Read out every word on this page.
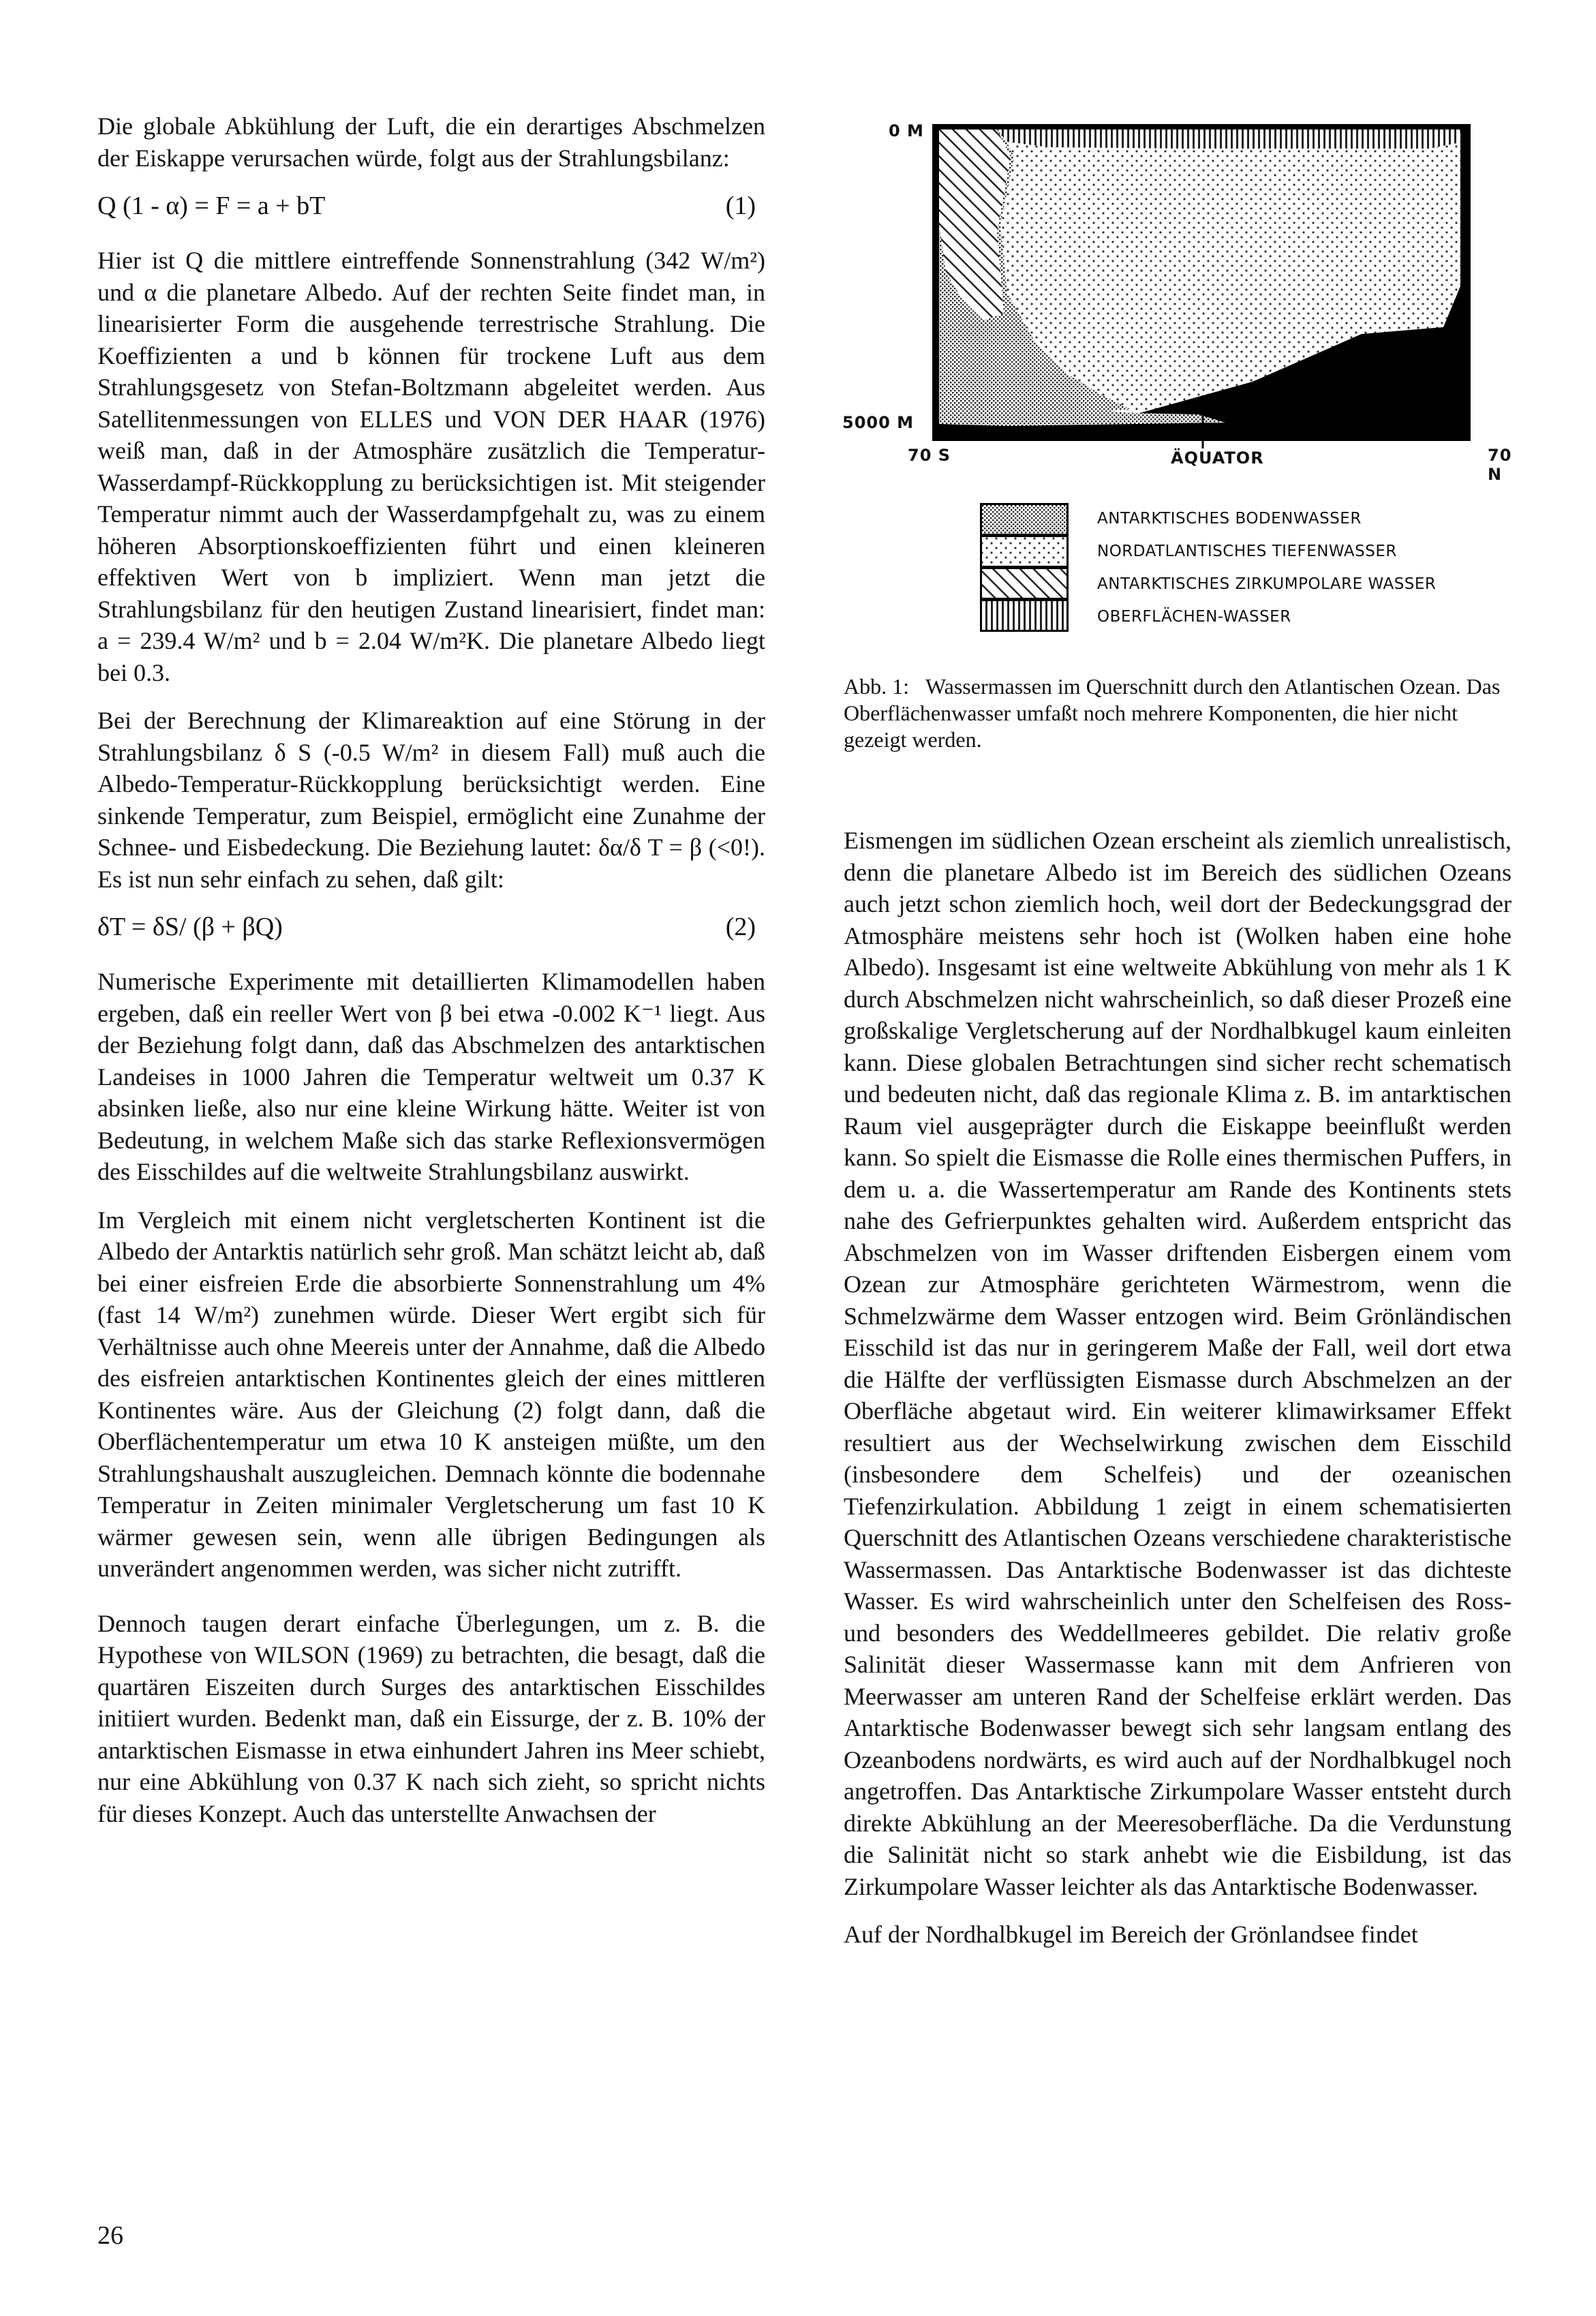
Die globale Abkühlung der Luft, die ein derartiges Abschmelzen der Eiskappe verursachen würde, folgt aus der Strahlungsbilanz:

Q (1 - α) = F = a + bT	(1)

Hier ist Q die mittlere eintreffende Sonnenstrahlung (342 W/m²) und α die planetare Albedo. Auf der rechten Seite findet man, in linearisierter Form die ausgehende terrestrische Strahlung. Die Koeffizienten a und b können für trockene Luft aus dem Strahlungsgesetz von Stefan-Boltzmann abgeleitet werden. Aus Satellitenmessungen von ELLES und VON DER HAAR (1976) weiß man, daß in der Atmosphäre zusätzlich die Temperatur-Wasserdampf-Rückkopplung zu berücksichtigen ist. Mit steigender Temperatur nimmt auch der Wasserdampfgehalt zu, was zu einem höheren Absorptionskoeffizienten führt und einen kleineren effektiven Wert von b impliziert. Wenn man jetzt die Strahlungsbilanz für den heutigen Zustand linearisiert, findet man: a = 239.4 W/m² und b = 2.04 W/m²K. Die planetare Albedo liegt bei 0.3.

Bei der Berechnung der Klimareaktion auf eine Störung in der Strahlungsbilanz δ S (-0.5 W/m² in diesem Fall) muß auch die Albedo-Temperatur-Rückkopplung berücksichtigt werden. Eine sinkende Temperatur, zum Beispiel, ermöglicht eine Zunahme der Schnee- und Eisbedeckung. Die Beziehung lautet: δα/δ T = β (<0!). Es ist nun sehr einfach zu sehen, daß gilt:

δT = δS/ (β + βQ)	(2)

Numerische Experimente mit detaillierten Klimamodellen haben ergeben, daß ein reeller Wert von β bei etwa -0.002 K⁻¹ liegt. Aus der Beziehung folgt dann, daß das Abschmelzen des antarktischen Landeises in 1000 Jahren die Temperatur weltweit um 0.37 K absinken ließe, also nur eine kleine Wirkung hätte. Weiter ist von Bedeutung, in welchem Maße sich das starke Reflexionsvermögen des Eisschildes auf die weltweite Strahlungsbilanz auswirkt.

Im Vergleich mit einem nicht vergletscherten Kontinent ist die Albedo der Antarktis natürlich sehr groß. Man schätzt leicht ab, daß bei einer eisfreien Erde die absorbierte Sonnenstrahlung um 4% (fast 14 W/m²) zunehmen würde. Dieser Wert ergibt sich für Verhältnisse auch ohne Meereis unter der Annahme, daß die Albedo des eisfreien antarktischen Kontinentes gleich der eines mittleren Kontinentes wäre. Aus der Gleichung (2) folgt dann, daß die Oberflächentemperatur um etwa 10 K ansteigen müßte, um den Strahlungshaushalt auszugleichen. Demnach könnte die bodennahe Temperatur in Zeiten minimaler Vergletscherung um fast 10 K wärmer gewesen sein, wenn alle übrigen Bedingungen als unverändert angenommen werden, was sicher nicht zutrifft.

Dennoch taugen derart einfache Überlegungen, um z. B. die Hypothese von WILSON (1969) zu betrachten, die besagt, daß die quartären Eiszeiten durch Surges des antarktischen Eisschildes initiiert wurden. Bedenkt man, daß ein Eissurge, der z. B. 10% der antarktischen Eismasse in etwa einhundert Jahren ins Meer schiebt, nur eine Abkühlung von 0.37 K nach sich zieht, so spricht nichts für dieses Konzept. Auch das unterstellte Anwachsen der

0 M
5000 M
70 S	ÄQUATOR	70 N
ANTARKTISCHES BODENWASSER
NORDATLANTISCHES TIEFENWASSER
ANTARKTISCHES ZIRKUMPOLARE WASSER
OBERFLÄCHEN-WASSER
Abb. 1: Wassermassen im Querschnitt durch den Atlantischen Ozean. Das Oberflächenwasser umfaßt noch mehrere Komponenten, die hier nicht gezeigt werden.

Eismengen im südlichen Ozean erscheint als ziemlich unrealistisch, denn die planetare Albedo ist im Bereich des südlichen Ozeans auch jetzt schon ziemlich hoch, weil dort der Bedeckungsgrad der Atmosphäre meistens sehr hoch ist (Wolken haben eine hohe Albedo). Insgesamt ist eine weltweite Abkühlung von mehr als 1 K durch Abschmelzen nicht wahrscheinlich, so daß dieser Prozeß eine großskalige Vergletscherung auf der Nordhalbkugel kaum einleiten kann. Diese globalen Betrachtungen sind sicher recht schematisch und bedeuten nicht, daß das regionale Klima z. B. im antarktischen Raum viel ausgeprägter durch die Eiskappe beeinflußt werden kann. So spielt die Eismasse die Rolle eines thermischen Puffers, in dem u. a. die Wassertemperatur am Rande des Kontinents stets nahe des Gefrierpunktes gehalten wird. Außerdem entspricht das Abschmelzen von im Wasser driftenden Eisbergen einem vom Ozean zur Atmosphäre gerichteten Wärmestrom, wenn die Schmelzwärme dem Wasser entzogen wird. Beim Grönländischen Eisschild ist das nur in geringerem Maße der Fall, weil dort etwa die Hälfte der verflüssigten Eismasse durch Abschmelzen an der Oberfläche abgetaut wird. Ein weiterer klimawirksamer Effekt resultiert aus der Wechselwirkung zwischen dem Eisschild (insbesondere dem Schelfeis) und der ozeanischen Tiefenzirkulation. Abbildung 1 zeigt in einem schematisierten Querschnitt des Atlantischen Ozeans verschiedene charakteristische Wassermassen. Das Antarktische Bodenwasser ist das dichteste Wasser. Es wird wahrscheinlich unter den Schelfeisen des Ross- und besonders des Weddellmeeres gebildet. Die relativ große Salinität dieser Wassermasse kann mit dem Anfrieren von Meerwasser am unteren Rand der Schelfeise erklärt werden. Das Antarktische Bodenwasser bewegt sich sehr langsam entlang des Ozeanbodens nordwärts, es wird auch auf der Nordhalbkugel noch angetroffen. Das Antarktische Zirkumpolare Wasser entsteht durch direkte Abkühlung an der Meeresoberfläche. Da die Verdunstung die Salinität nicht so stark anhebt wie die Eisbildung, ist das Zirkumpolare Wasser leichter als das Antarktische Bodenwasser.

Auf der Nordhalbkugel im Bereich der Grönlandsee findet

26
